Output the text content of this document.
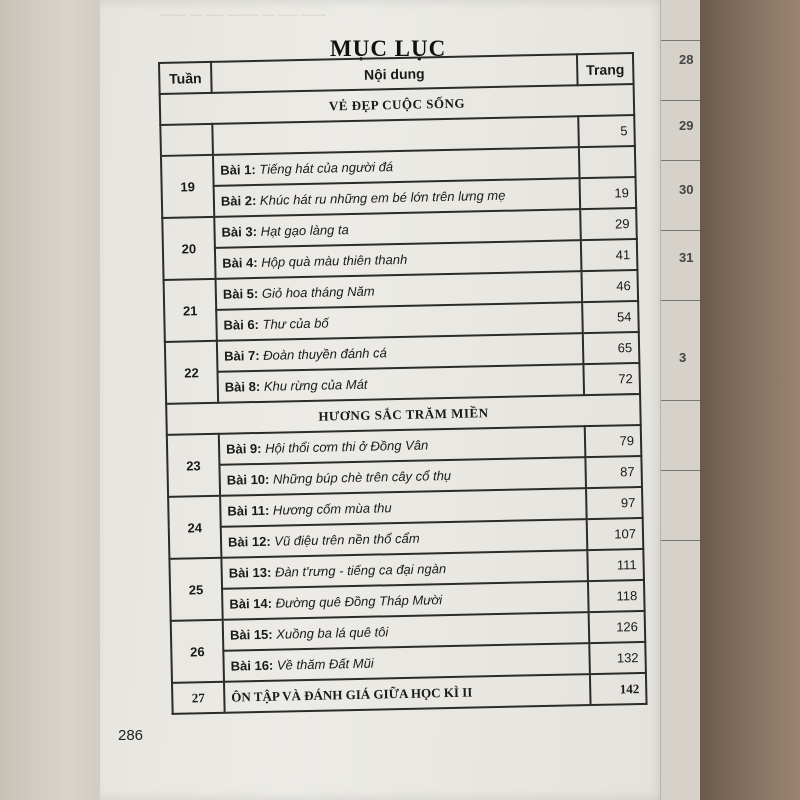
~~~~ ~~ ~~~ ~~~~~ ~~ ~~~ ~~~~
28
29
30
31
3
MỤC LỤC
Tuần	Nội dung	Trang
VẺ ĐẸP CUỘC SỐNG		
		5
19	Bài 1: Tiếng hát của người đá	
	Bài 2: Khúc hát ru những em bé lớn trên lưng mẹ	19
20	Bài 3: Hạt gạo làng ta	29
	Bài 4: Hộp quà màu thiên thanh	41
21	Bài 5: Giỏ hoa tháng Năm	46
	Bài 6: Thư của bố	54
22	Bài 7: Đoàn thuyền đánh cá	65
	Bài 8: Khu rừng của Mát	72
HƯƠNG SẮC TRĂM MIỀN		
23	Bài 9: Hội thổi cơm thi ở Đồng Vân	79
	Bài 10: Những búp chè trên cây cổ thụ	87
24	Bài 11: Hương cốm mùa thu	97
	Bài 12: Vũ điệu trên nền thổ cẩm	107
25	Bài 13: Đàn t'rưng - tiếng ca đại ngàn	111
	Bài 14: Đường quê Đồng Tháp Mười	118
26	Bài 15: Xuồng ba lá quê tôi	126
	Bài 16: Về thăm Đất Mũi	132
27	ÔN TẬP VÀ ĐÁNH GIÁ GIỮA HỌC KÌ II	142
286
